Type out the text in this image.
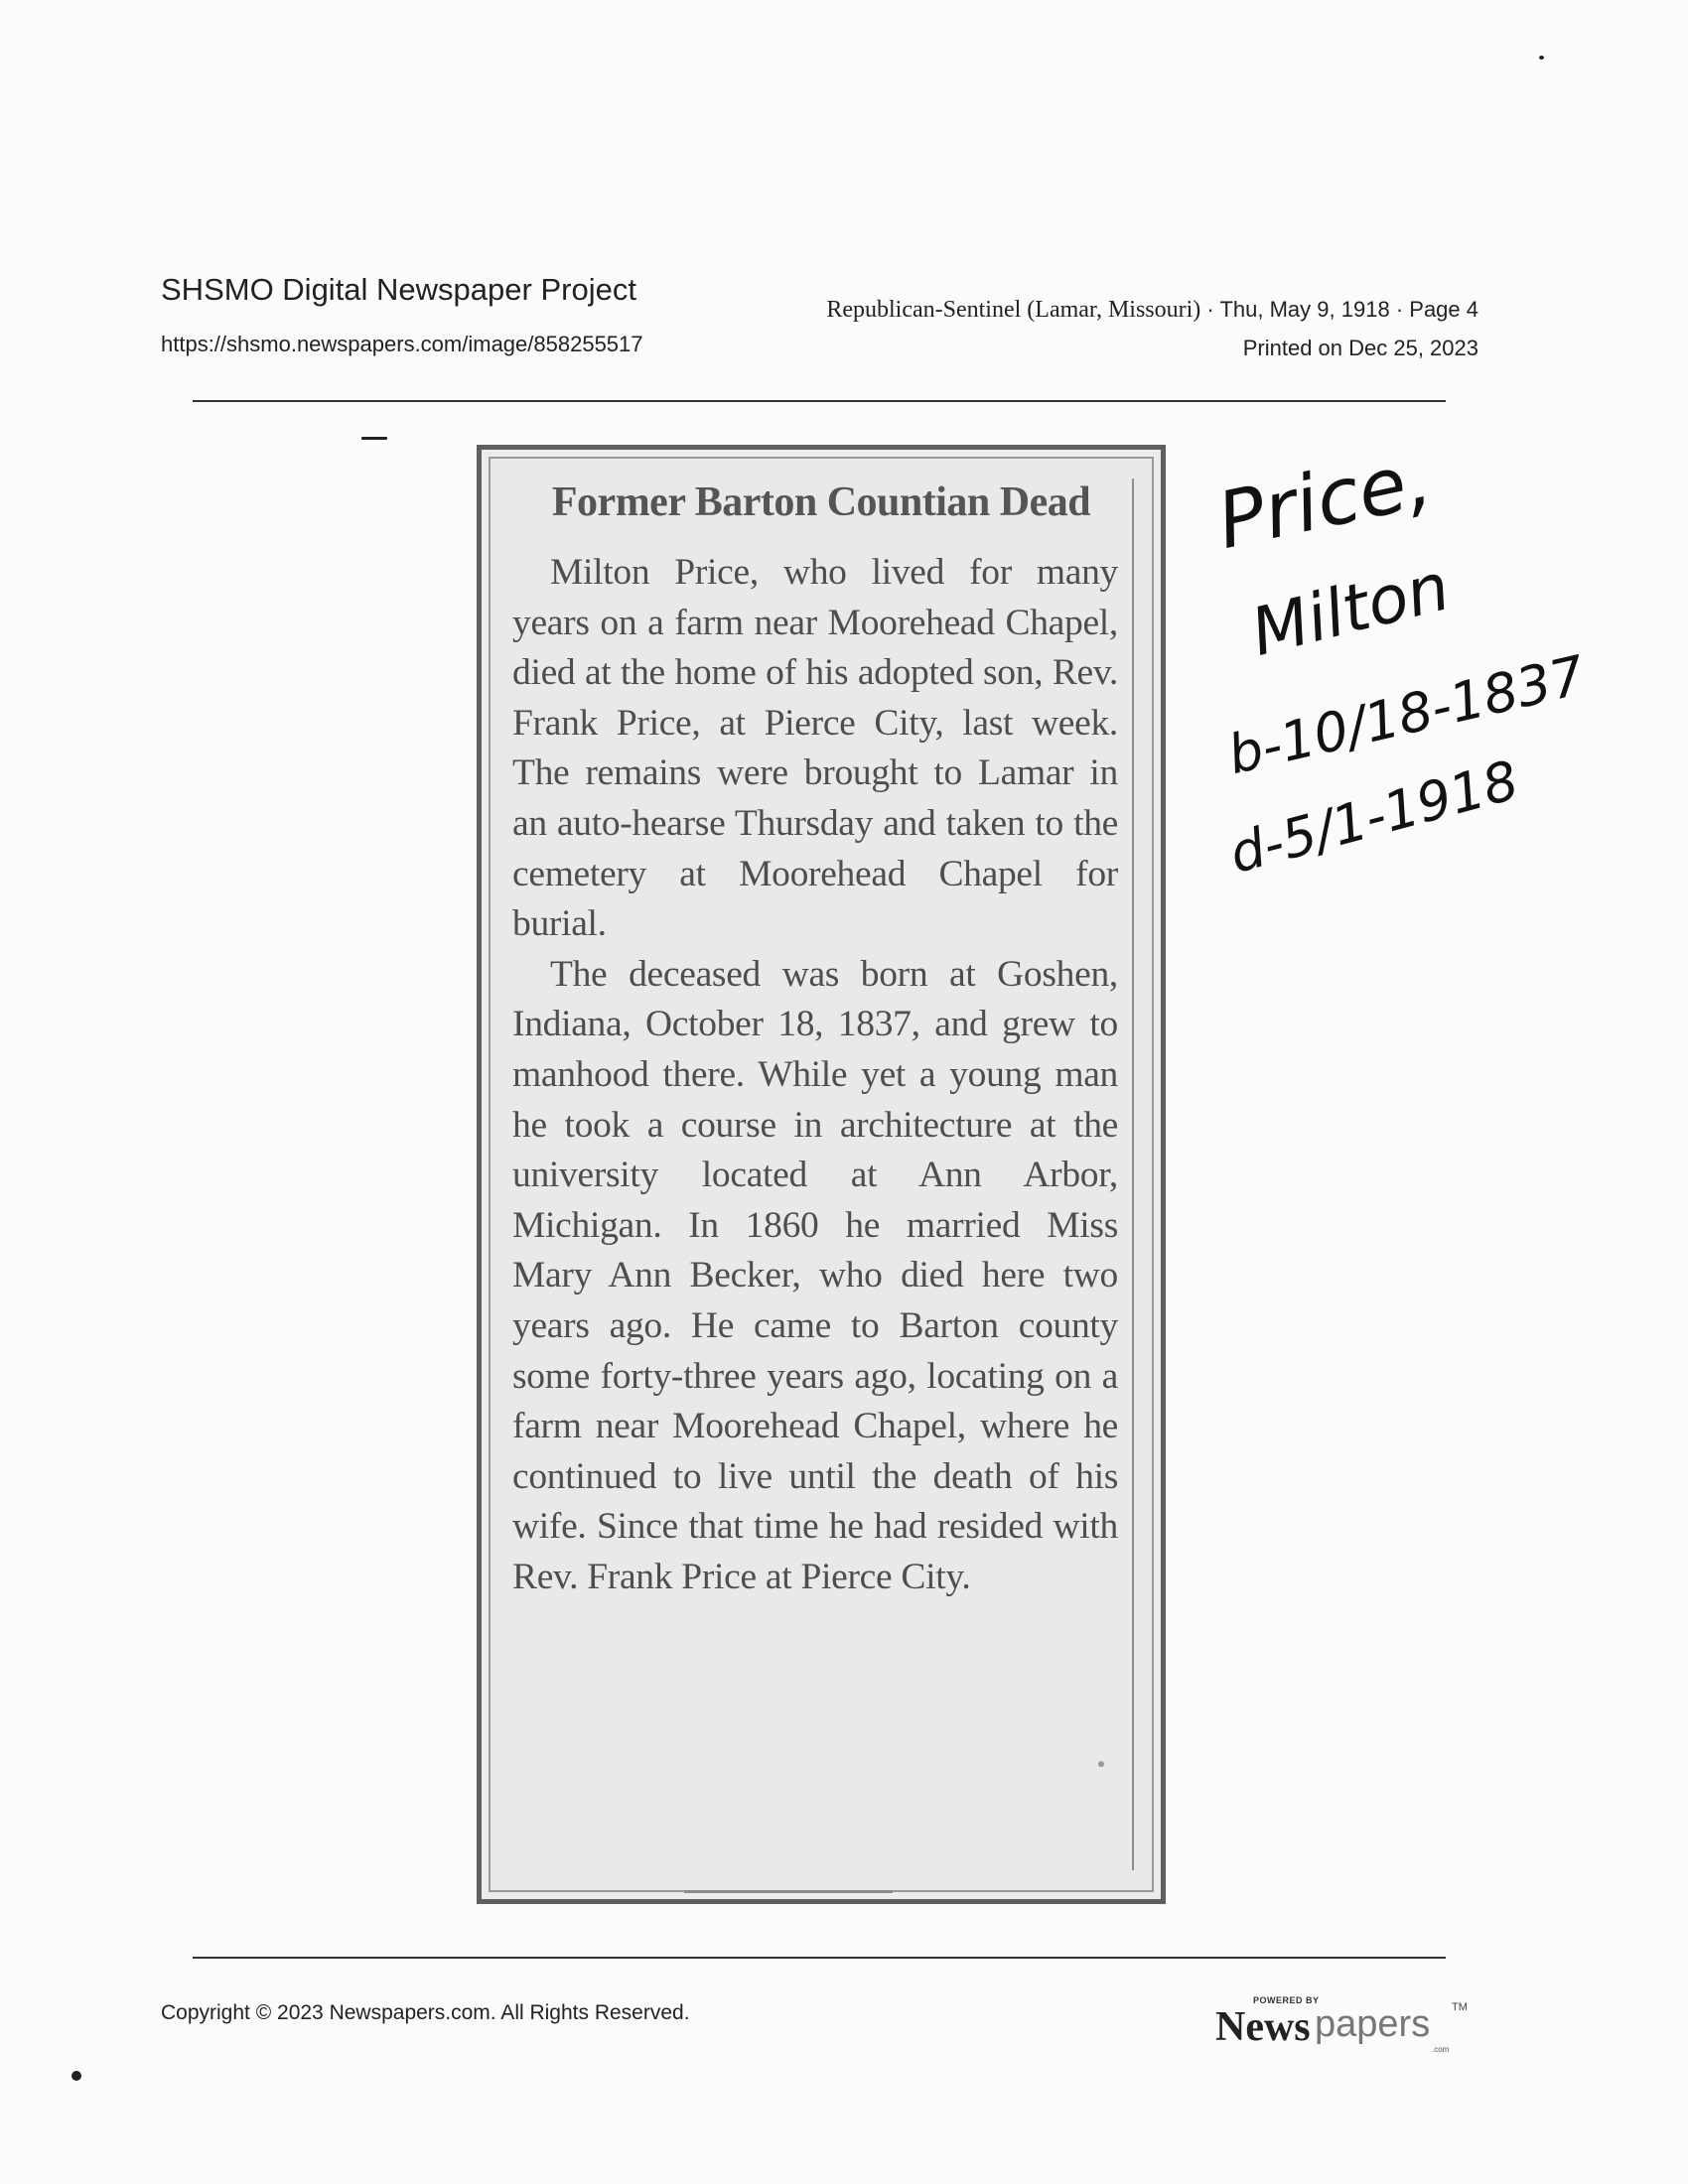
SHSMO Digital Newspaper Project
https://shsmo.newspapers.com/image/858255517
Republican-Sentinel (Lamar, Missouri) · Thu, May 9, 1918 · Page 4
Printed on Dec 25, 2023
Former Barton Countian Dead

Milton Price, who lived for many years on a farm near Moorehead Chapel, died at the home of his adopted son, Rev. Frank Price, at Pierce City, last week. The remains were brought to Lamar in an auto-hearse Thursday and taken to the cemetery at Moorehead Chapel for burial.

The deceased was born at Goshen, Indiana, October 18, 1837, and grew to manhood there. While yet a young man he took a course in architecture at the university located at Ann Arbor, Michigan. In 1860 he married Miss Mary Ann Becker, who died here two years ago. He came to Barton county some forty-three years ago, locating on a farm near Moorehead Chapel, where he continued to live until the death of his wife. Since that time he had resided with Rev. Frank Price at Pierce City.

Price,
Milton
b-10/18-1837
d-5/1-1918
Copyright © 2023 Newspapers.com. All Rights Reserved.
POWERED BY
News papers TM
.com
